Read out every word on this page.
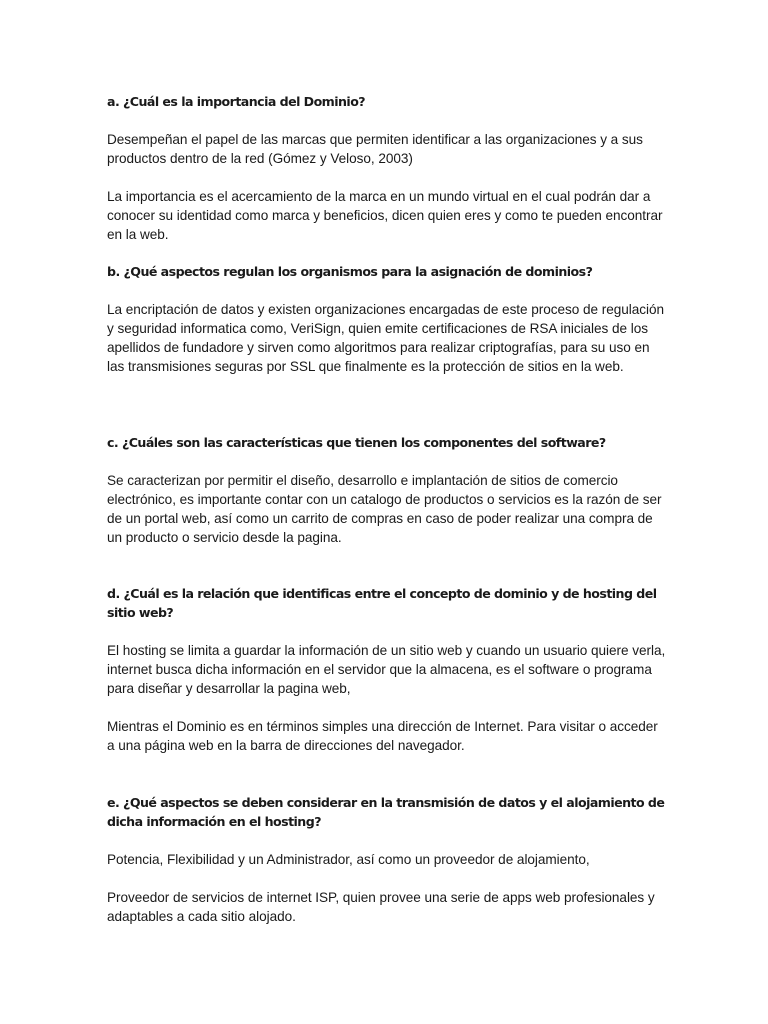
a. ¿Cuál es la importancia del Dominio?

Desempeñan el papel de las marcas que permiten identificar a las organizaciones y a sus productos dentro de la red (Gómez y Veloso, 2003)

La importancia es el acercamiento de la marca en un mundo virtual en el cual podrán dar a conocer su identidad como marca y beneficios, dicen quien eres y como te pueden encontrar en la web.

b. ¿Qué aspectos regulan los organismos para la asignación de dominios?

La encriptación de datos y existen organizaciones encargadas de este proceso de regulación y seguridad informatica como, VeriSign, quien emite certificaciones de RSA iniciales de los apellidos de fundadore y sirven como algoritmos para realizar criptografías, para su uso en las transmisiones seguras por SSL que finalmente es la protección de sitios en la web.

c. ¿Cuáles son las características que tienen los componentes del software?

Se caracterizan por permitir el diseño, desarrollo e implantación de sitios de comercio electrónico, es importante contar con un catalogo de productos o servicios es la razón de ser de un portal web, así como un carrito de compras en caso de poder realizar una compra de un producto o servicio desde la pagina.

d. ¿Cuál es la relación que identificas entre el concepto de dominio y de hosting del sitio web?

El hosting se limita a guardar la información de un sitio web y cuando un usuario quiere verla, internet busca dicha información en el servidor que la almacena, es el software o programa para diseñar y desarrollar la pagina web,

Mientras el Dominio es en términos simples una dirección de Internet. Para visitar o acceder a una página web en la barra de direcciones del navegador.

e. ¿Qué aspectos se deben considerar en la transmisión de datos y el alojamiento de dicha información en el hosting?

Potencia, Flexibilidad y un Administrador, así como un proveedor de alojamiento,

Proveedor de servicios de internet ISP, quien provee una serie de apps web profesionales y adaptables a cada sitio alojado.
